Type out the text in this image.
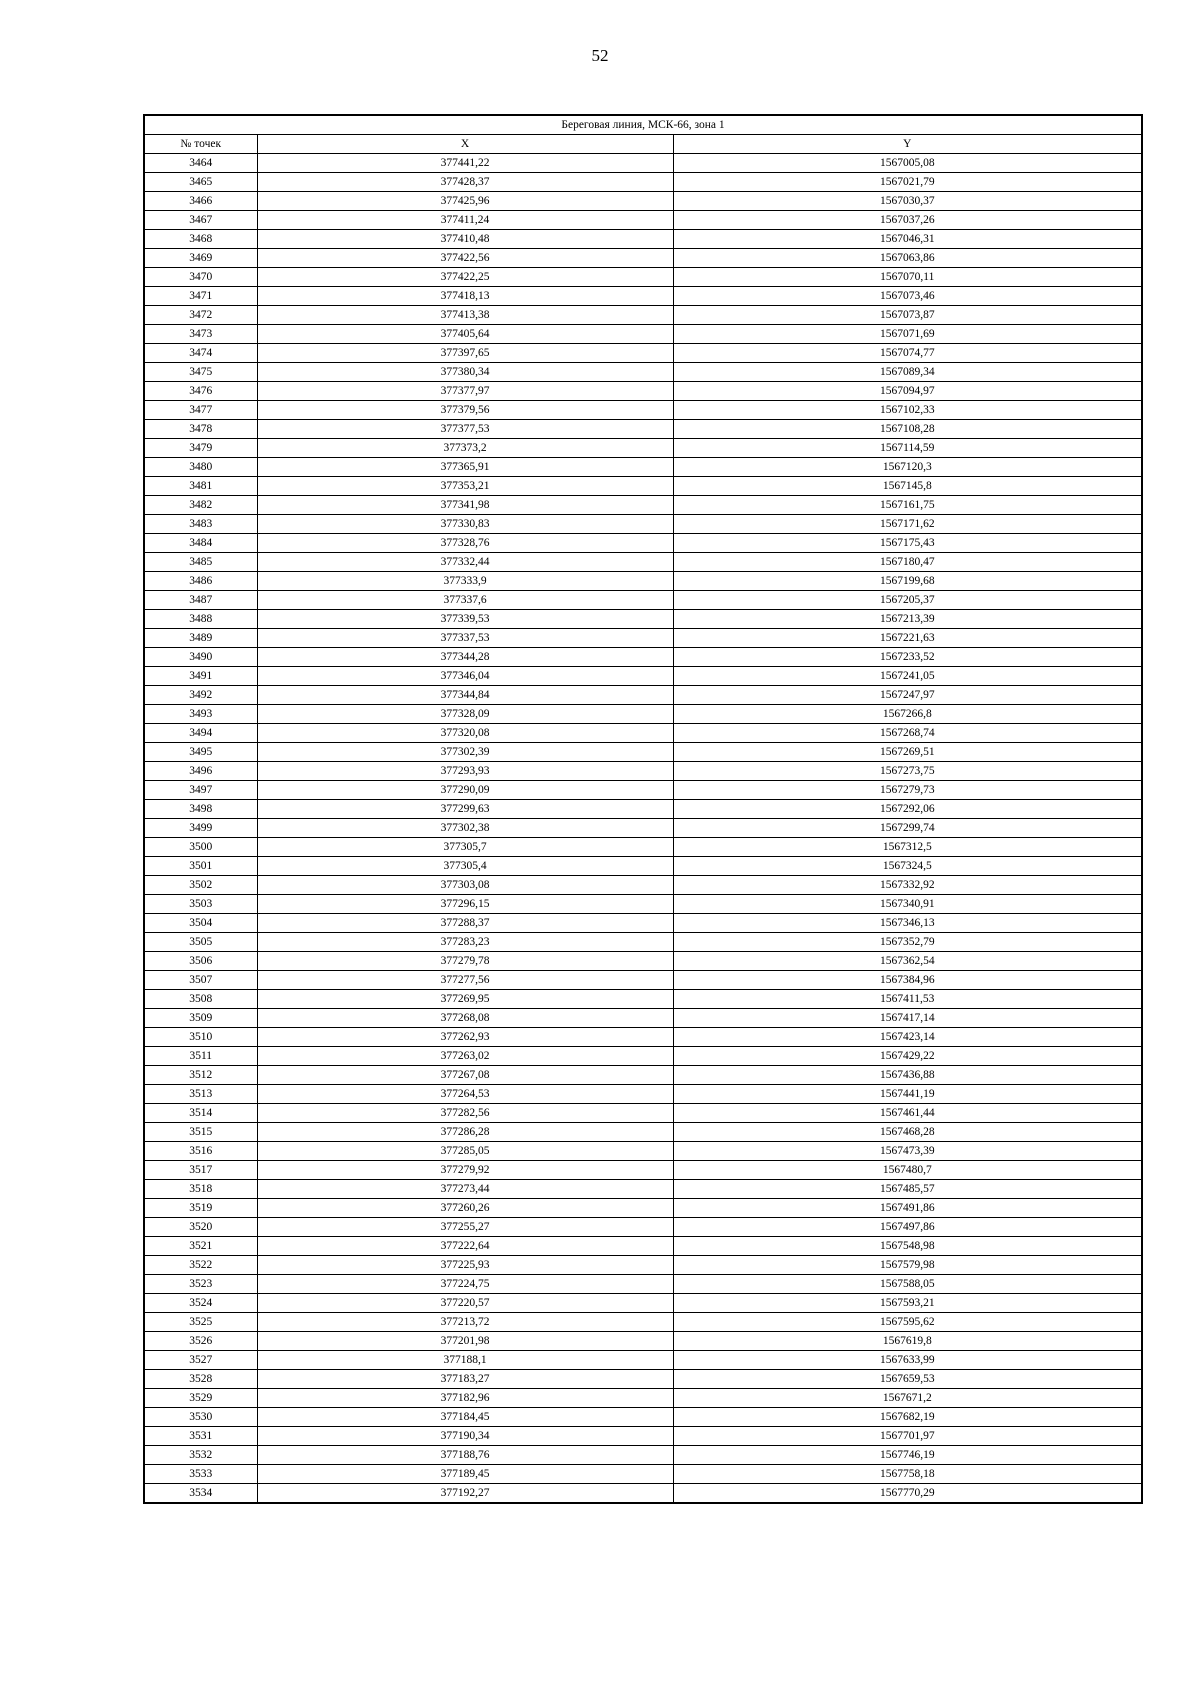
52
Береговая линия, МСК-66, зона 1		
№ точек	X	Y
3464	377441,22	1567005,08
3465	377428,37	1567021,79
3466	377425,96	1567030,37
3467	377411,24	1567037,26
3468	377410,48	1567046,31
3469	377422,56	1567063,86
3470	377422,25	1567070,11
3471	377418,13	1567073,46
3472	377413,38	1567073,87
3473	377405,64	1567071,69
3474	377397,65	1567074,77
3475	377380,34	1567089,34
3476	377377,97	1567094,97
3477	377379,56	1567102,33
3478	377377,53	1567108,28
3479	377373,2	1567114,59
3480	377365,91	1567120,3
3481	377353,21	1567145,8
3482	377341,98	1567161,75
3483	377330,83	1567171,62
3484	377328,76	1567175,43
3485	377332,44	1567180,47
3486	377333,9	1567199,68
3487	377337,6	1567205,37
3488	377339,53	1567213,39
3489	377337,53	1567221,63
3490	377344,28	1567233,52
3491	377346,04	1567241,05
3492	377344,84	1567247,97
3493	377328,09	1567266,8
3494	377320,08	1567268,74
3495	377302,39	1567269,51
3496	377293,93	1567273,75
3497	377290,09	1567279,73
3498	377299,63	1567292,06
3499	377302,38	1567299,74
3500	377305,7	1567312,5
3501	377305,4	1567324,5
3502	377303,08	1567332,92
3503	377296,15	1567340,91
3504	377288,37	1567346,13
3505	377283,23	1567352,79
3506	377279,78	1567362,54
3507	377277,56	1567384,96
3508	377269,95	1567411,53
3509	377268,08	1567417,14
3510	377262,93	1567423,14
3511	377263,02	1567429,22
3512	377267,08	1567436,88
3513	377264,53	1567441,19
3514	377282,56	1567461,44
3515	377286,28	1567468,28
3516	377285,05	1567473,39
3517	377279,92	1567480,7
3518	377273,44	1567485,57
3519	377260,26	1567491,86
3520	377255,27	1567497,86
3521	377222,64	1567548,98
3522	377225,93	1567579,98
3523	377224,75	1567588,05
3524	377220,57	1567593,21
3525	377213,72	1567595,62
3526	377201,98	1567619,8
3527	377188,1	1567633,99
3528	377183,27	1567659,53
3529	377182,96	1567671,2
3530	377184,45	1567682,19
3531	377190,34	1567701,97
3532	377188,76	1567746,19
3533	377189,45	1567758,18
3534	377192,27	1567770,29
